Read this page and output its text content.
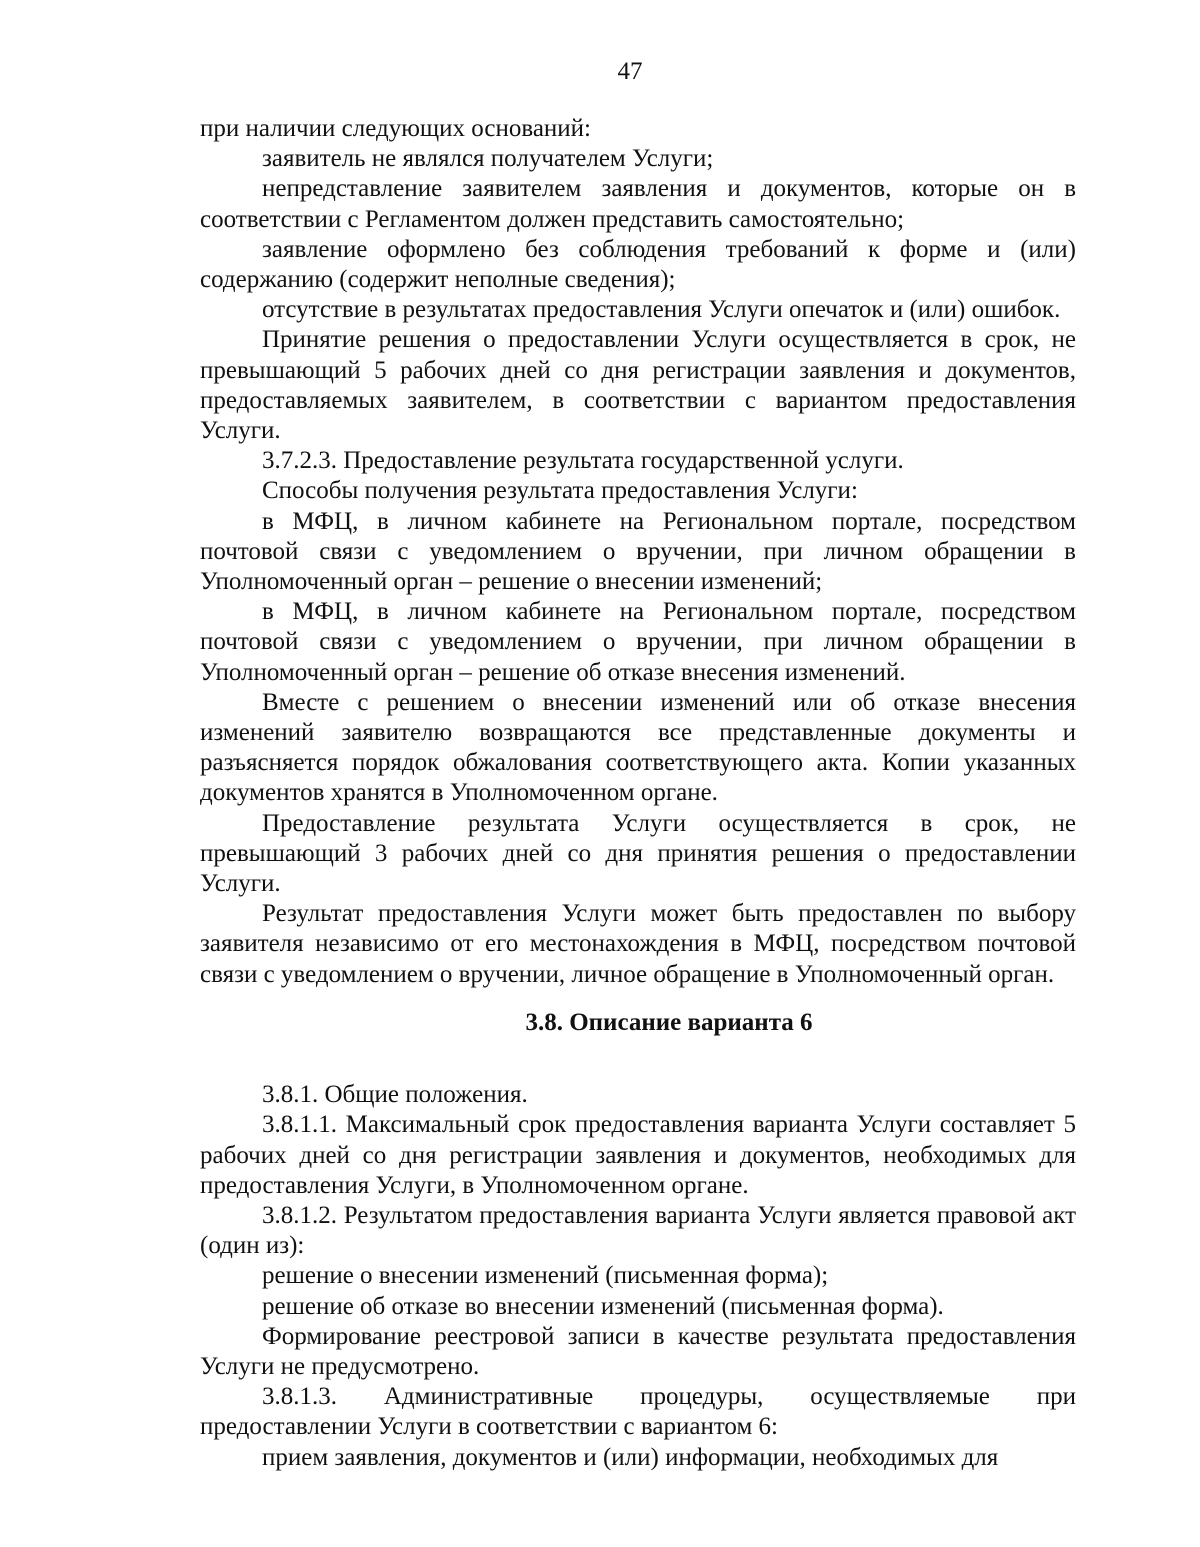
47

при наличии следующих оснований:

заявитель не являлся получателем Услуги;

непредставление заявителем заявления и документов, которые он в соответствии с Регламентом должен представить самостоятельно;

заявление оформлено без соблюдения требований к форме и (или) содержанию (содержит неполные сведения);

отсутствие в результатах предоставления Услуги опечаток и (или) ошибок.

Принятие решения о предоставлении Услуги осуществляется в срок, не превышающий 5 рабочих дней со дня регистрации заявления и документов, предоставляемых заявителем, в соответствии с вариантом предоставления Услуги.

3.7.2.3. Предоставление результата государственной услуги.

Способы получения результата предоставления Услуги:

в МФЦ, в личном кабинете на Региональном портале, посредством почтовой связи с уведомлением о вручении, при личном обращении в Уполномоченный орган – решение о внесении изменений;

в МФЦ, в личном кабинете на Региональном портале, посредством почтовой связи с уведомлением о вручении, при личном обращении в Уполномоченный орган – решение об отказе внесения изменений.

Вместе с решением о внесении изменений или об отказе внесения изменений заявителю возвращаются все представленные документы и разъясняется порядок обжалования соответствующего акта. Копии указанных документов хранятся в Уполномоченном органе.

Предоставление результата Услуги осуществляется в срок, не превышающий 3 рабочих дней со дня принятия решения о предоставлении Услуги.

Результат предоставления Услуги может быть предоставлен по выбору заявителя независимо от его местонахождения в МФЦ, посредством почтовой связи с уведомлением о вручении, личное обращение в Уполномоченный орган.

3.8. Описание варианта 6

3.8.1. Общие положения.

3.8.1.1. Максимальный срок предоставления варианта Услуги составляет 5 рабочих дней со дня регистрации заявления и документов, необходимых для предоставления Услуги, в Уполномоченном органе.

3.8.1.2. Результатом предоставления варианта Услуги является правовой акт (один из):

решение о внесении изменений (письменная форма);

решение об отказе во внесении изменений (письменная форма).

Формирование реестровой записи в качестве результата предоставления Услуги не предусмотрено.

3.8.1.3. Административные процедуры, осуществляемые при предоставлении Услуги в соответствии с вариантом 6:

прием заявления, документов и (или) информации, необходимых для
